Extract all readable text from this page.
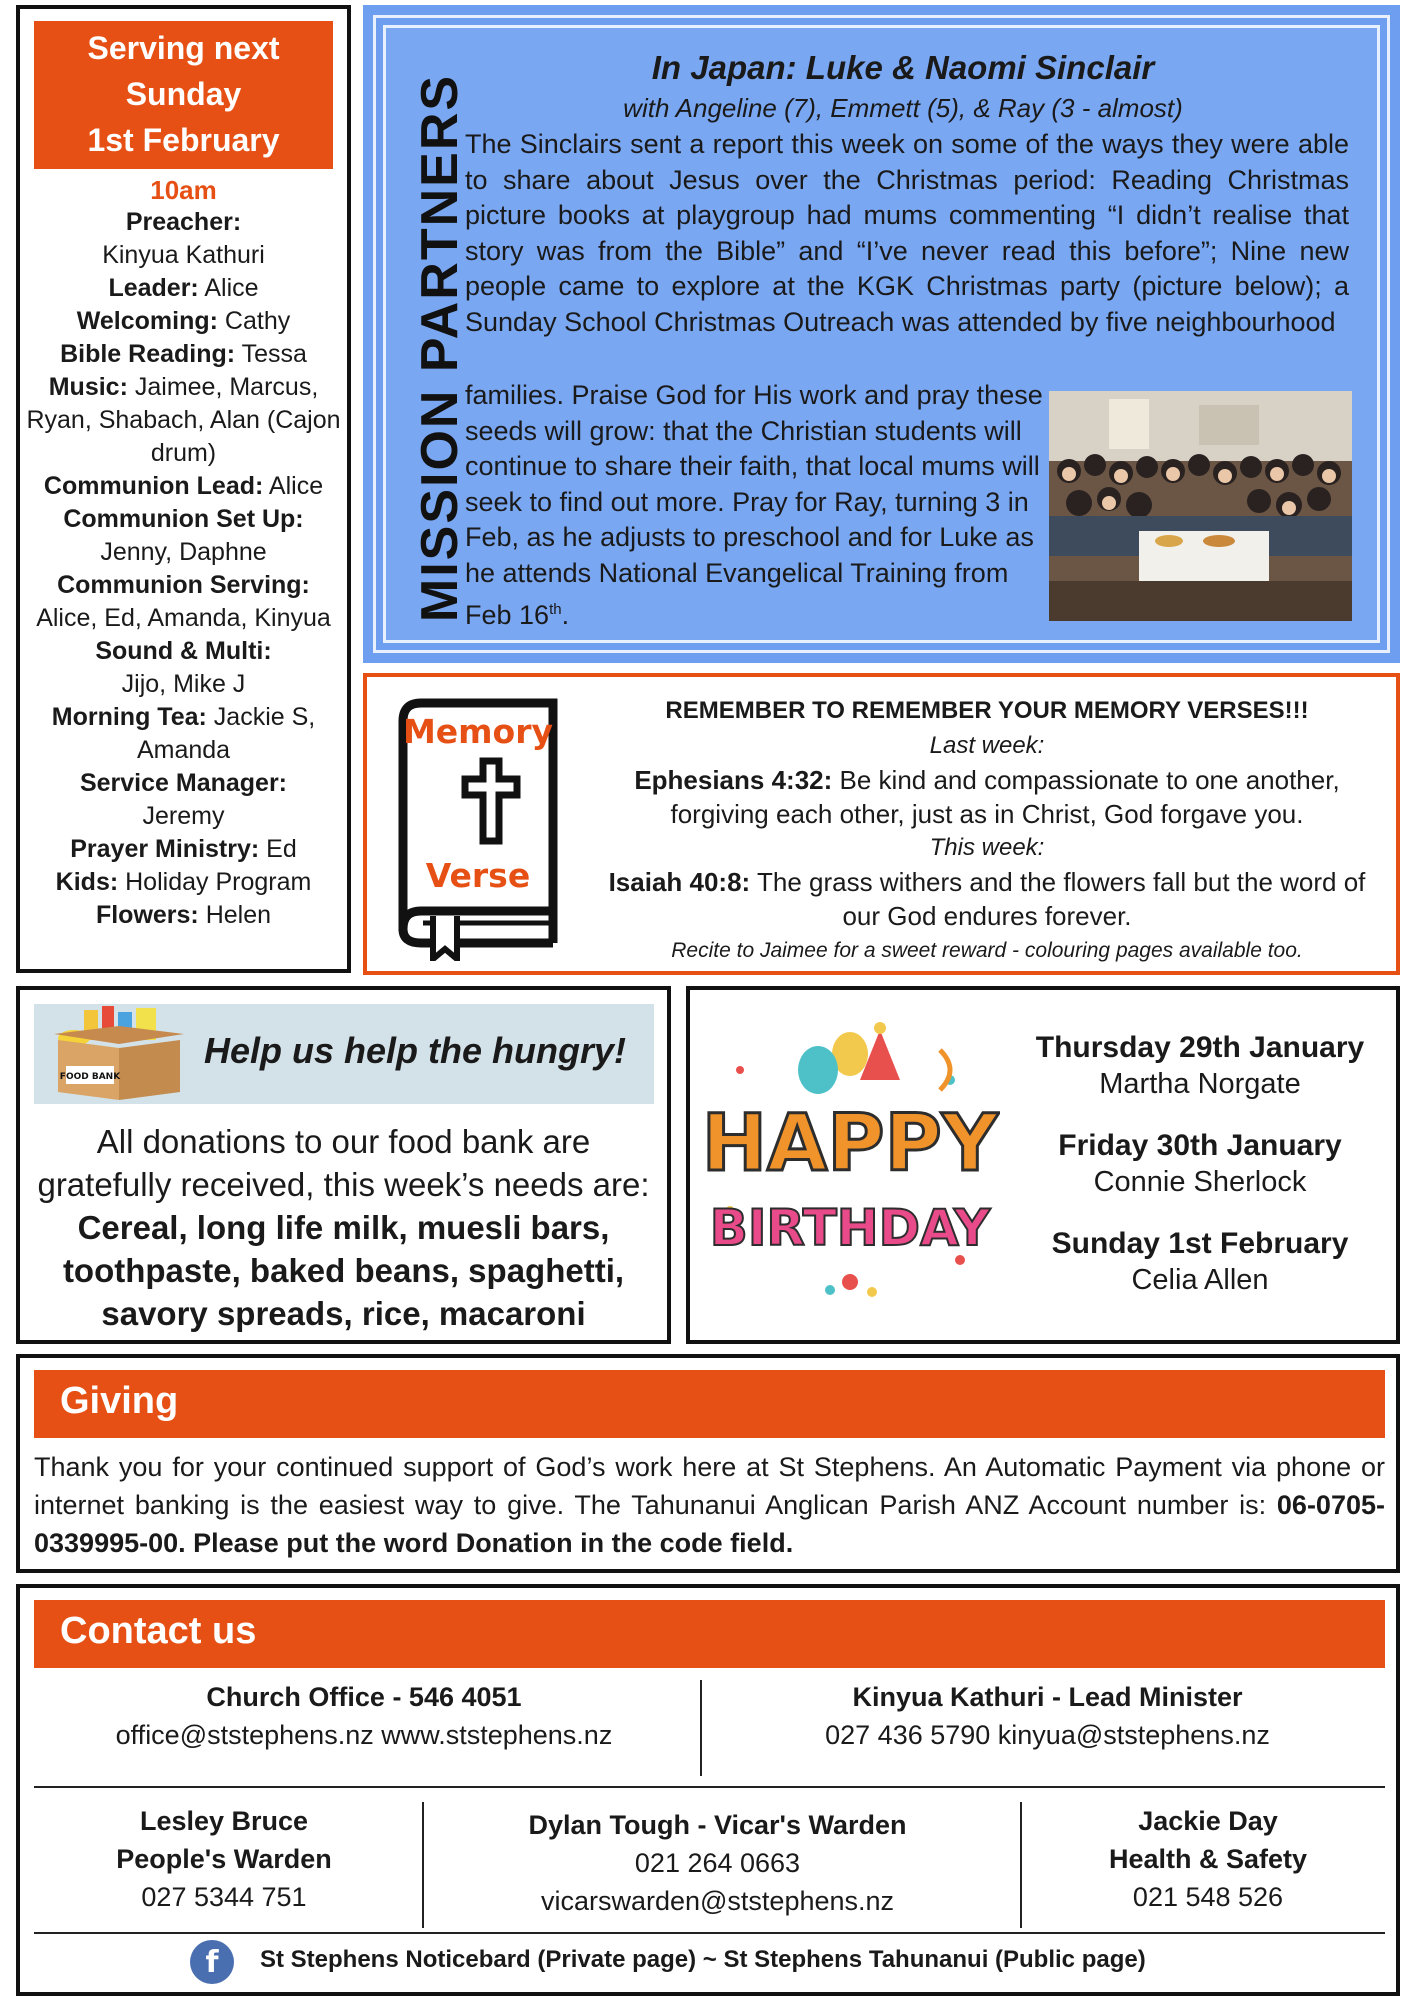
Serving next
Sunday
1st February
10am
Preacher:
Kinyua Kathuri
Leader: Alice
Welcoming: Cathy
Bible Reading: Tessa
Music: Jaimee, Marcus, Ryan, Shabach, Alan (Cajon drum)
Communion Lead: Alice
Communion Set Up:
Jenny, Daphne
Communion Serving:
Alice, Ed, Amanda, Kinyua
Sound & Multi:
Jijo, Mike J
Morning Tea: Jackie S, Amanda
Service Manager:
Jeremy
Prayer Ministry: Ed
Kids: Holiday Program
Flowers: Helen
MISSION PARTNERS
In Japan: Luke & Naomi Sinclair
with Angeline (7), Emmett (5), & Ray (3 - almost)
The Sinclairs sent a report this week on some of the ways they were able to share about Jesus over the Christmas period: Reading Christmas picture books at playgroup had mums commenting “I didn’t realise that story was from the Bible” and “I’ve never read this before”; Nine new people came to explore at the KGK Christmas party (picture below); a Sunday School Christmas Outreach was attended by five neighbourhood
families. Praise God for His work and pray these seeds will grow: that the Christian students will continue to share their faith, that local mums will seek to find out more. Pray for Ray, turning 3 in Feb, as he adjusts to preschool and for Luke as he attends National Evangelical Training from Feb 16th.
Memory
Verse
REMEMBER TO REMEMBER YOUR MEMORY VERSES!!!
Last week:
Ephesians 4:32: Be kind and compassionate to one another, forgiving each other, just as in Christ, God forgave you.
This week:
Isaiah 40:8: The grass withers and the flowers fall but the word of our God endures forever.
Recite to Jaimee for a sweet reward - colouring pages available too.
FOOD BANK
Help us help the hungry!
All donations to our food bank are gratefully received, this week’s needs are: Cereal, long life milk, muesli bars, toothpaste, baked beans, spaghetti, savory spreads, rice, macaroni
HAPPY
BIRTHDAY
Thursday 29th January
Martha Norgate
Friday 30th January
Connie Sherlock
Sunday 1st February
Celia Allen
Giving
Thank you for your continued support of God’s work here at St Stephens. An Automatic Payment via phone or internet banking is the easiest way to give. The Tahunanui Anglican Parish ANZ Account number is: 06-0705-0339995-00. Please put the word Donation in the code field.
Contact us
Church Office - 546 4051
office@ststephens.nz www.ststephens.nz
Kinyua Kathuri - Lead Minister
027 436 5790 kinyua@ststephens.nz
Lesley Bruce
People's Warden
027 5344 751
Dylan Tough - Vicar's Warden
021 264 0663
vicarswarden@ststephens.nz
Jackie Day
Health & Safety
021 548 526
f	St Stephens Noticebard (Private page) ~ St Stephens Tahunanui (Public page)
